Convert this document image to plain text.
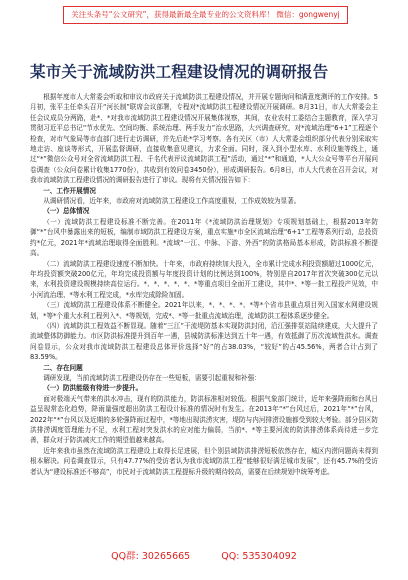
关注头条号“公文研究”，获得最新最全最专业的公文资料库！ 微信：gongwenyj
某市关于流域防洪工程建设情况的调研报告

根据年度市人大常委会听取和审议市政府关于流域防洪工程建设情况，并开展专题询问和满意度测评的工作安排。5月初，张平主任牵头召开“河长制”联席会议部署，专程对*流域防洪工程建设情况开展调研。8月31日，市人大常委会主任会议成员分两路，赴*、*对我市流域防洪工程建设情况开展集体视察，其间，农业农村工委结合主题教育，深入学习贯彻习近平总书记“节水优先、空间均衡、系统治理、两手发力”治水思路，大兴调查研究，对*流域治理“6+1”工程逐个检查，对市气象局等市直部门进行走访调研，并先后赴*学习考察。各有关区（市）人大常委会组织部分代表分别采取实地走访、座谈等形式，开展监督调研，直接收集意见建议，力求全面。同时，深入到小型水库、水利设施等线上，通过“*”微信公众号对全省流域防洪工程、千名代表评议流域防洪工程”活动，通过“*”和通道，*人大公众号等平台开展问卷调查（公众问卷累计收集1770份），共收到有效问卷3450份），形成调研报告。6月8日，市人大代表在召开会议，对我市流域防洪工程建设情况的调研报告进行了审议。现将有关情况报告如下：

一、工作开展情况

从调研情况看，近年来，市政府对流域防洪工程建设工作高度重视，工作成效较为显著。

（一）总体情况

（一）流域防洪工程建设标准不断完善。在2011年《*流域防洪治理规划》专项规划基础上，根据2013年防御“*”台风中暴露出来的短板，编制市域防洪工程建设方案，重点实施*市全区流域治理“6+1”工程等系列行动，总投资约*亿元，2021年*流域治理取得全面胜利。*流域“一江、中脉、下游、外西”的防洪格局基本形成，防洪标准不断提高。

（二）流域防洪工程建设速度不断加快。十年来，市政府持续加大投入，全市累计完成水利投资额超过1000亿元，年均投资额突破200亿元，年均完成投资额与年度投资计划的比例达到100%，特别是自2017年首次突破300亿元以来，水利投资建设规模持续高位运行。*、*、*、*、*、*等重点项目全面开工建设，其中*、*等一批工程投产见效，中小河流治理、*等水利工程完成，*水库完成除险加固。

（三）流域防洪工程建设体系不断健全。2021年以来，*、*、*、*、*等*个省市县重点项目列入国家水网建设规划，*等*个重大水利工程列入*、*等规划，完成*、*等一批重点流域治理，流域防洪工程体系逐步健全。

（四）流域防洪工程效益不断显现。随着“三江”干流堤防基本实现防洪封闭，沿江强排泵站陆续建成，大大提升了流域整体防御能力。市区防洪标准提升到百年一遇，县城防洪标准达到五十年一遇，有效抵御了历次流域性洪水。调查问卷显示，公众对我市流域防洪工程建设总体评价选择“好”的占38.03%，“较好”的占45.56%，两者合计占到了83.59%。

二、存在问题

调研发现，当前流域防洪工程建设仍存在一些短板，需要引起重视和补强：

（一）防洪能级有待进一步提升。

面对极端天气带来的洪水冲击，现有的防洪能力，防洪标准相对较低。根据气象部门统计，近年来强降雨和台风日益呈现常态化趋势，降雨量强度超出防洪工程设计标准的情况时有发生。在2013年“*”台风过后，2021年“*”台风，2022年“*”台风以及近期的多轮强降雨过程中，*等地出现洪涝灾害，堤防与内河排涝设施都受到较大考验。部分县区防洪排涝调度管理能力不足，水利工程对突发洪水的应对能力偏弱，当前*、*等主要河流的防洪排涝体系尚待进一步完善，群众对于防洪减灾工作的期望值越来越高。

近年来我市虽然在流域防洪工程建设上取得长足进展，但个别县域防洪排涝短板依然存在，城区内涝问题尚未得到根本解决。问卷调查显示，只有47.77%的受访者认为我市流域防洪工程“能够很好满足城市发展”，还有45.7%的受访者认为“建设标准还不够高”，市民对于流域防洪工程提标升级的期待较高，需要在后续规划中统筹考虑。

QQ群: 30265665	QQ: 535304092
